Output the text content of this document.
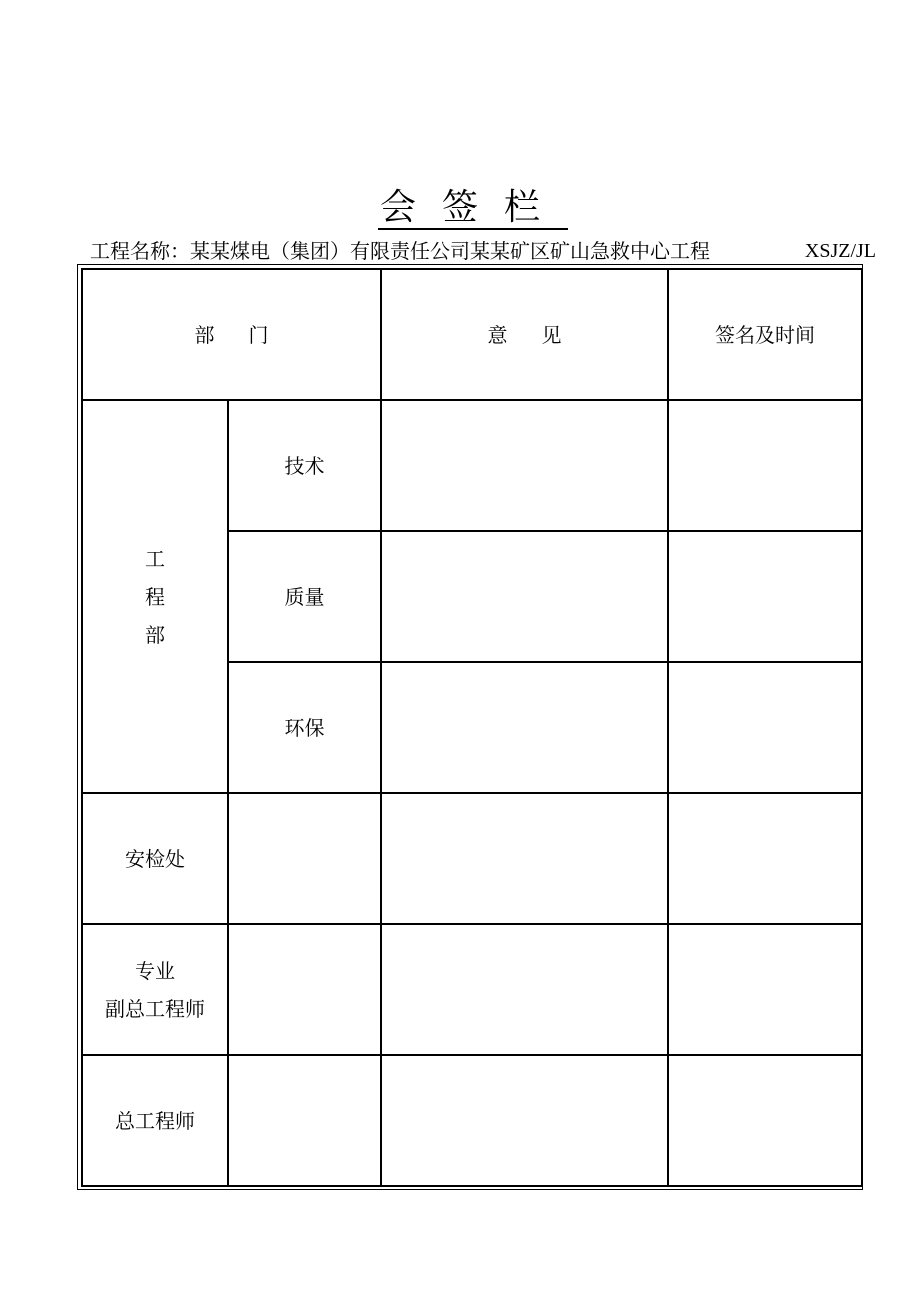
会签栏
工程名称：某某煤电（集团）有限责任公司某某矿区矿山急救中心工程	XSJZ/JL
部门		意见	签名及时间
工程部	技术		
	质量		
	环保		
安检处			
专业
副总工程师			
总工程师			
